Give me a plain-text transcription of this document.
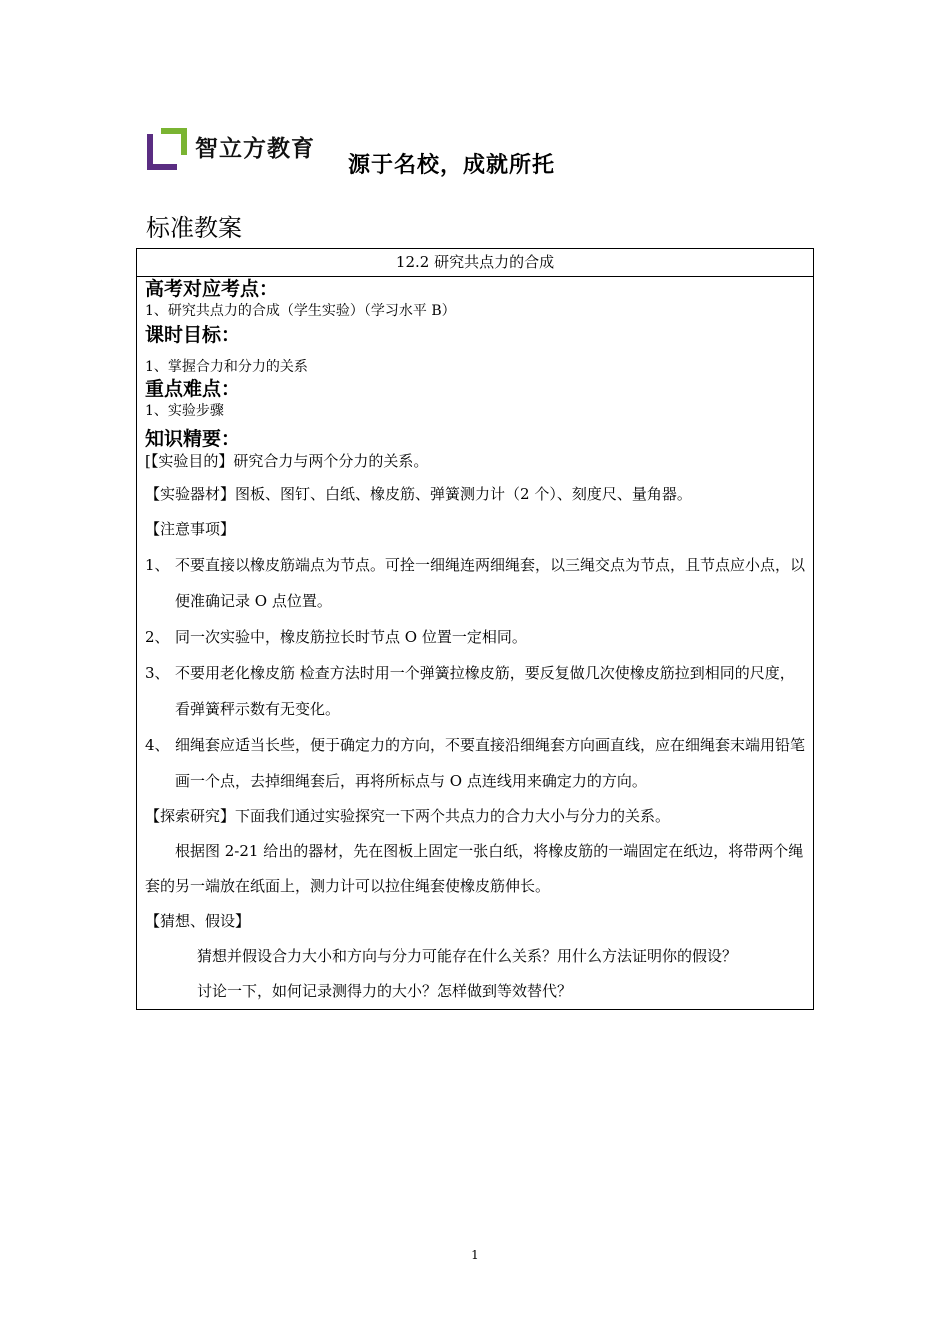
智立方教育
源于名校，成就所托
标准教案
12.2 研究共点力的合成
高考对应考点：
1、研究共点力的合成（学生实验）（学习水平 B）
课时目标：
1、掌握合力和分力的关系
重点难点：
1、实验步骤
知识精要：
[【实验目的】研究合力与两个分力的关系。
【实验器材】图板、图钉、白纸、橡皮筋、弹簧测力计（2 个）、刻度尺、量角器。
【注意事项】
1、 不要直接以橡皮筋端点为节点。可拴一细绳连两细绳套，以三绳交点为节点，且节点应小点，以便准确记录 O 点位置。
2、 同一次实验中，橡皮筋拉长时节点 O 位置一定相同。
3、 不要用老化橡皮筋 检查方法时用一个弹簧拉橡皮筋，要反复做几次使橡皮筋拉到相同的尺度，看弹簧秤示数有无变化。
4、 细绳套应适当长些，便于确定力的方向，不要直接沿细绳套方向画直线，应在细绳套末端用铅笔画一个点，去掉细绳套后，再将所标点与 O 点连线用来确定力的方向。
【探索研究】下面我们通过实验探究一下两个共点力的合力大小与分力的关系。
根据图 2-21 给出的器材，先在图板上固定一张白纸，将橡皮筋的一端固定在纸边，将带两个绳套的另一端放在纸面上，测力计可以拉住绳套使橡皮筋伸长。
【猜想、假设】
猜想并假设合力大小和方向与分力可能存在什么关系？用什么方法证明你的假设？
讨论一下，如何记录测得力的大小？怎样做到等效替代？
1
